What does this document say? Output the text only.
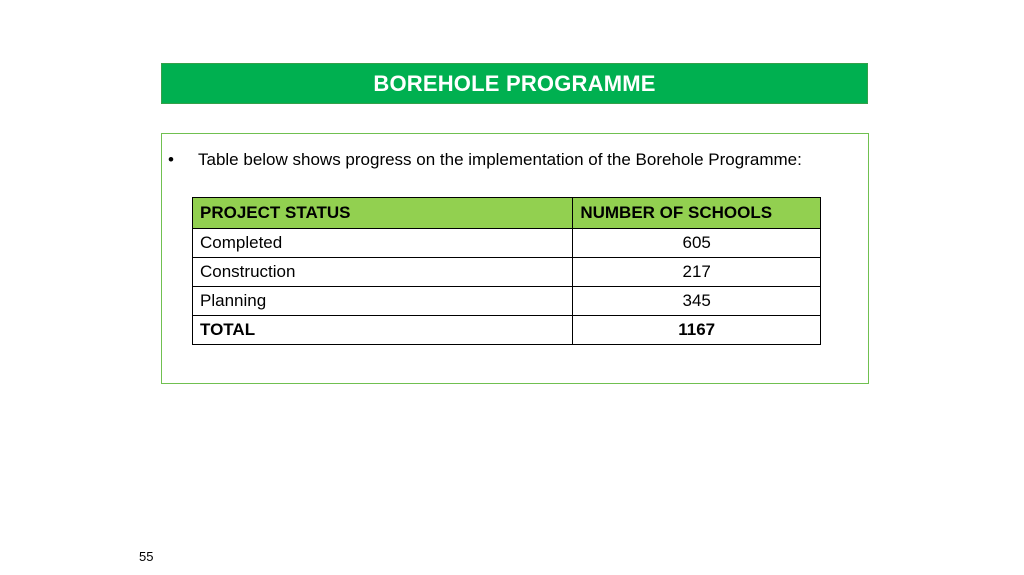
BOREHOLE PROGRAMME
•	Table below shows progress on the implementation of the Borehole Programme:
PROJECT STATUS	NUMBER OF SCHOOLS
Completed	605
Construction	217
Planning	345
TOTAL	1167
55
